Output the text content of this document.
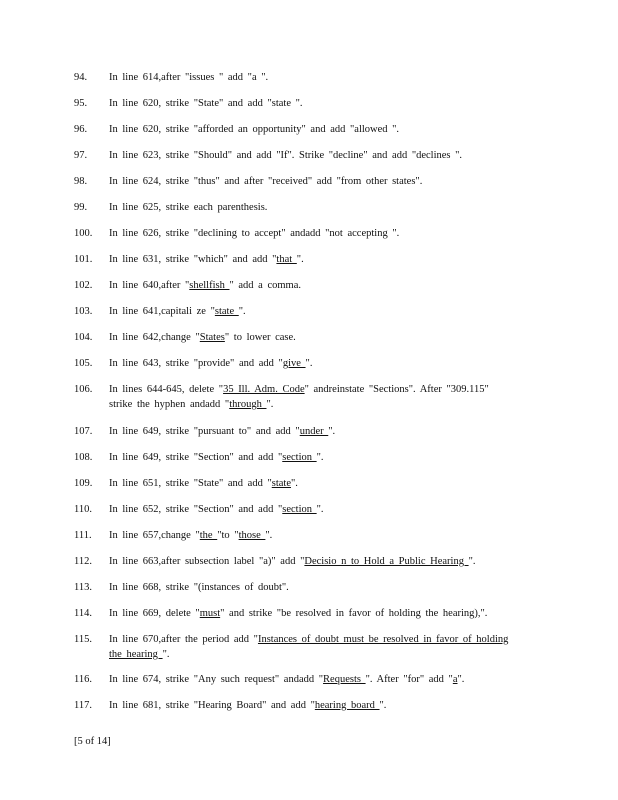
94. In line 614,after "issues " add "a ".
95. In line 620, strike "State" and add "state ".
96. In line 620, strike "afforded an opportunity" and add "allowed ".
97. In line 623, strike "Should" and add "If". Strike "decline" and add "declines ".
98. In line 624, strike "thus" and after "received" add "from other states".
99. In line 625, strike each parenthesis.
100. In line 626, strike "declining to accept" andadd "not accepting ".
101. In line 631, strike "which" and add "that ".
102. In line 640,after "shellfish " add a comma.
103. In line 641,capitali ze "state ".
104. In line 642,change "States" to lower case.
105. In line 643, strike "provide" and add "give ".
106. In lines 644-645, delete "35 Ill. Adm. Code" andreinstate "Sections". After "309.115"
strike the hyphen andadd "through ".
107. In line 649, strike "pursuant to" and add "under ".
108. In line 649, strike "Section" and add "section ".
109. In line 651, strike "State" and add "state".
110. In line 652, strike "Section" and add "section ".
111. In line 657,change "the "to "those ".
112. In line 663,after subsection label "a)" add "Decisio n to Hold a Public Hearing ".
113. In line 668, strike "(instances of doubt".
114. In line 669, delete "must" and strike "be resolved in favor of holding the hearing),".
115. In line 670,after the period add "Instances of doubt must be resolved in favor of holding
the hearing ".
116. In line 674, strike "Any such request" andadd "Requests ". After "for" add "a".
117. In line 681, strike "Hearing Board" and add "hearing board ".
[5 of 14]
